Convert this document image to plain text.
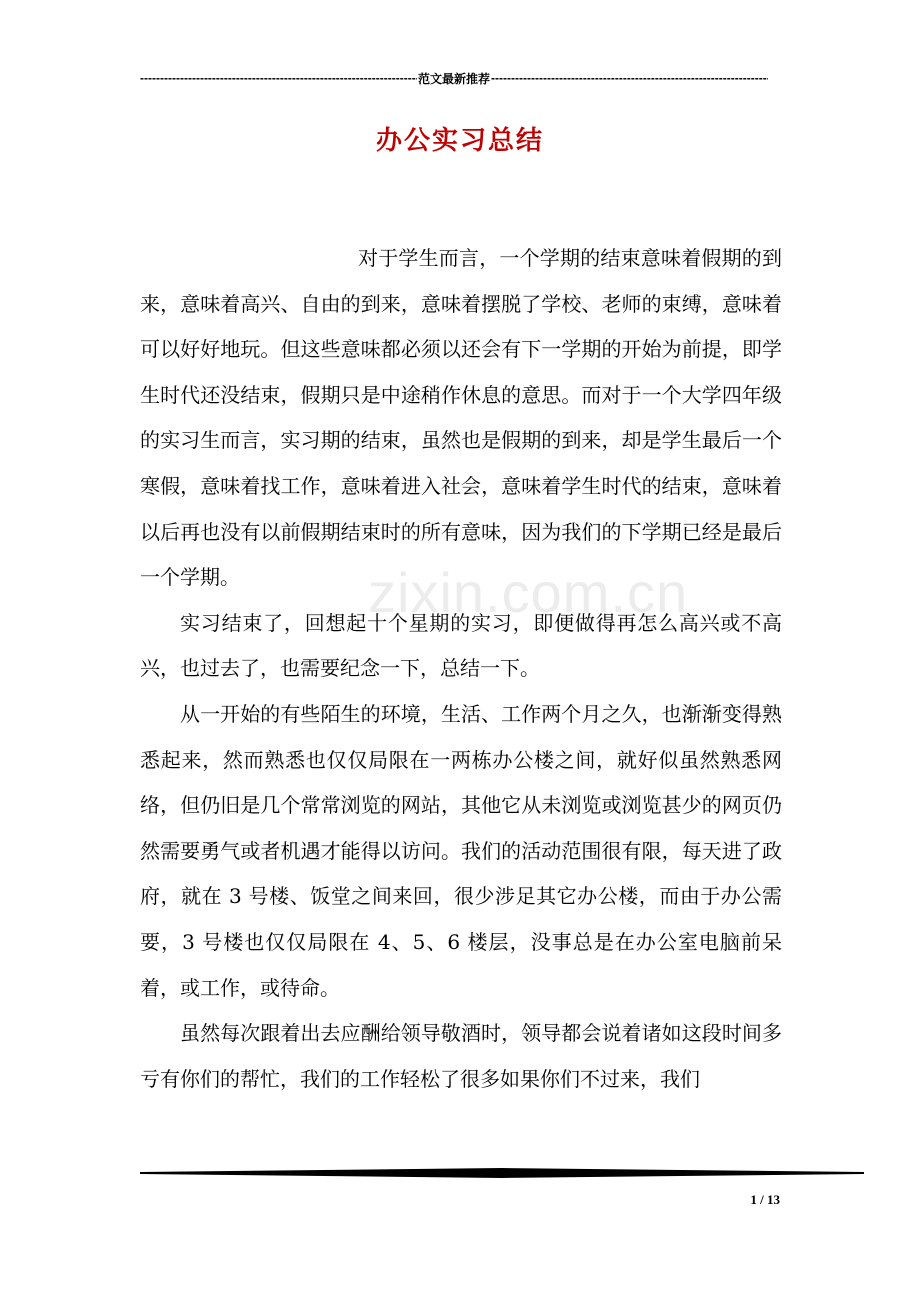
-----
范文最新推荐
-----
办公实习总结
zixin.com.cn

对于学生而言，一个学期的结束意味着假期的到来，意味着高兴、自由的到来，意味着摆脱了学校、老师的束缚，意味着可以好好地玩。但这些意味都必须以还会有下一学期的开始为前提，即学生时代还没结束，假期只是中途稍作休息的意思。而对于一个大学四年级的实习生而言，实习期的结束，虽然也是假期的到来，却是学生最后一个寒假，意味着找工作，意味着进入社会，意味着学生时代的结束，意味着以后再也没有以前假期结束时的所有意味，因为我们的下学期已经是最后一个学期。

实习结束了，回想起十个星期的实习，即便做得再怎么高兴或不高兴，也过去了，也需要纪念一下，总结一下。

从一开始的有些陌生的环境，生活、工作两个月之久，也渐渐变得熟悉起来，然而熟悉也仅仅局限在一两栋办公楼之间，就好似虽然熟悉网络，但仍旧是几个常常浏览的网站，其他它从未浏览或浏览甚少的网页仍然需要勇气或者机遇才能得以访问。我们的活动范围很有限，每天进了政府，就在 3 号楼、饭堂之间来回，很少涉足其它办公楼，而由于办公需要，3 号楼也仅仅局限在 4、5、6 楼层，没事总是在办公室电脑前呆着，或工作，或待命。

虽然每次跟着出去应酬给领导敬酒时，领导都会说着诸如这段时间多亏有你们的帮忙，我们的工作轻松了很多如果你们不过来，我们

1 / 13
